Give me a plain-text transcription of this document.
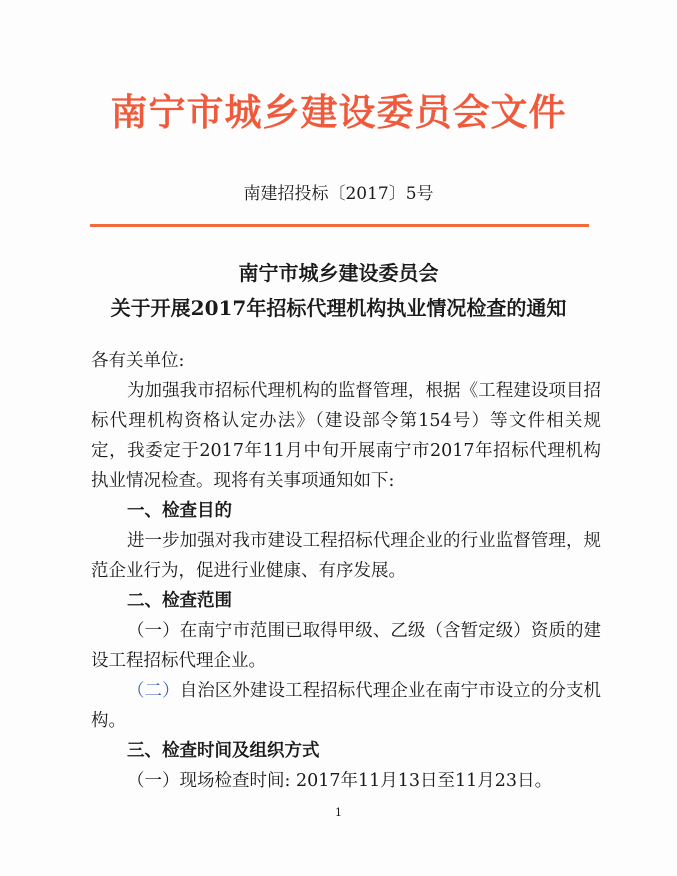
南宁市城乡建设委员会文件
南建招投标〔2017〕5号
南宁市城乡建设委员会
关于开展2017年招标代理机构执业情况检查的通知

各有关单位:

为加强我市招标代理机构的监督管理，根据《工程建设项目招标代理机构资格认定办法》（建设部令第154号）等文件相关规定，我委定于2017年11月中旬开展南宁市2017年招标代理机构执业情况检查。现将有关事项通知如下:

一、检查目的

进一步加强对我市建设工程招标代理企业的行业监督管理，规范企业行为，促进行业健康、有序发展。

二、检查范围

（一）在南宁市范围已取得甲级、乙级（含暂定级）资质的建设工程招标代理企业。

（二）自治区外建设工程招标代理企业在南宁市设立的分支机构。

三、检查时间及组织方式

（一）现场检查时间: 2017年11月13日至11月23日。

1
